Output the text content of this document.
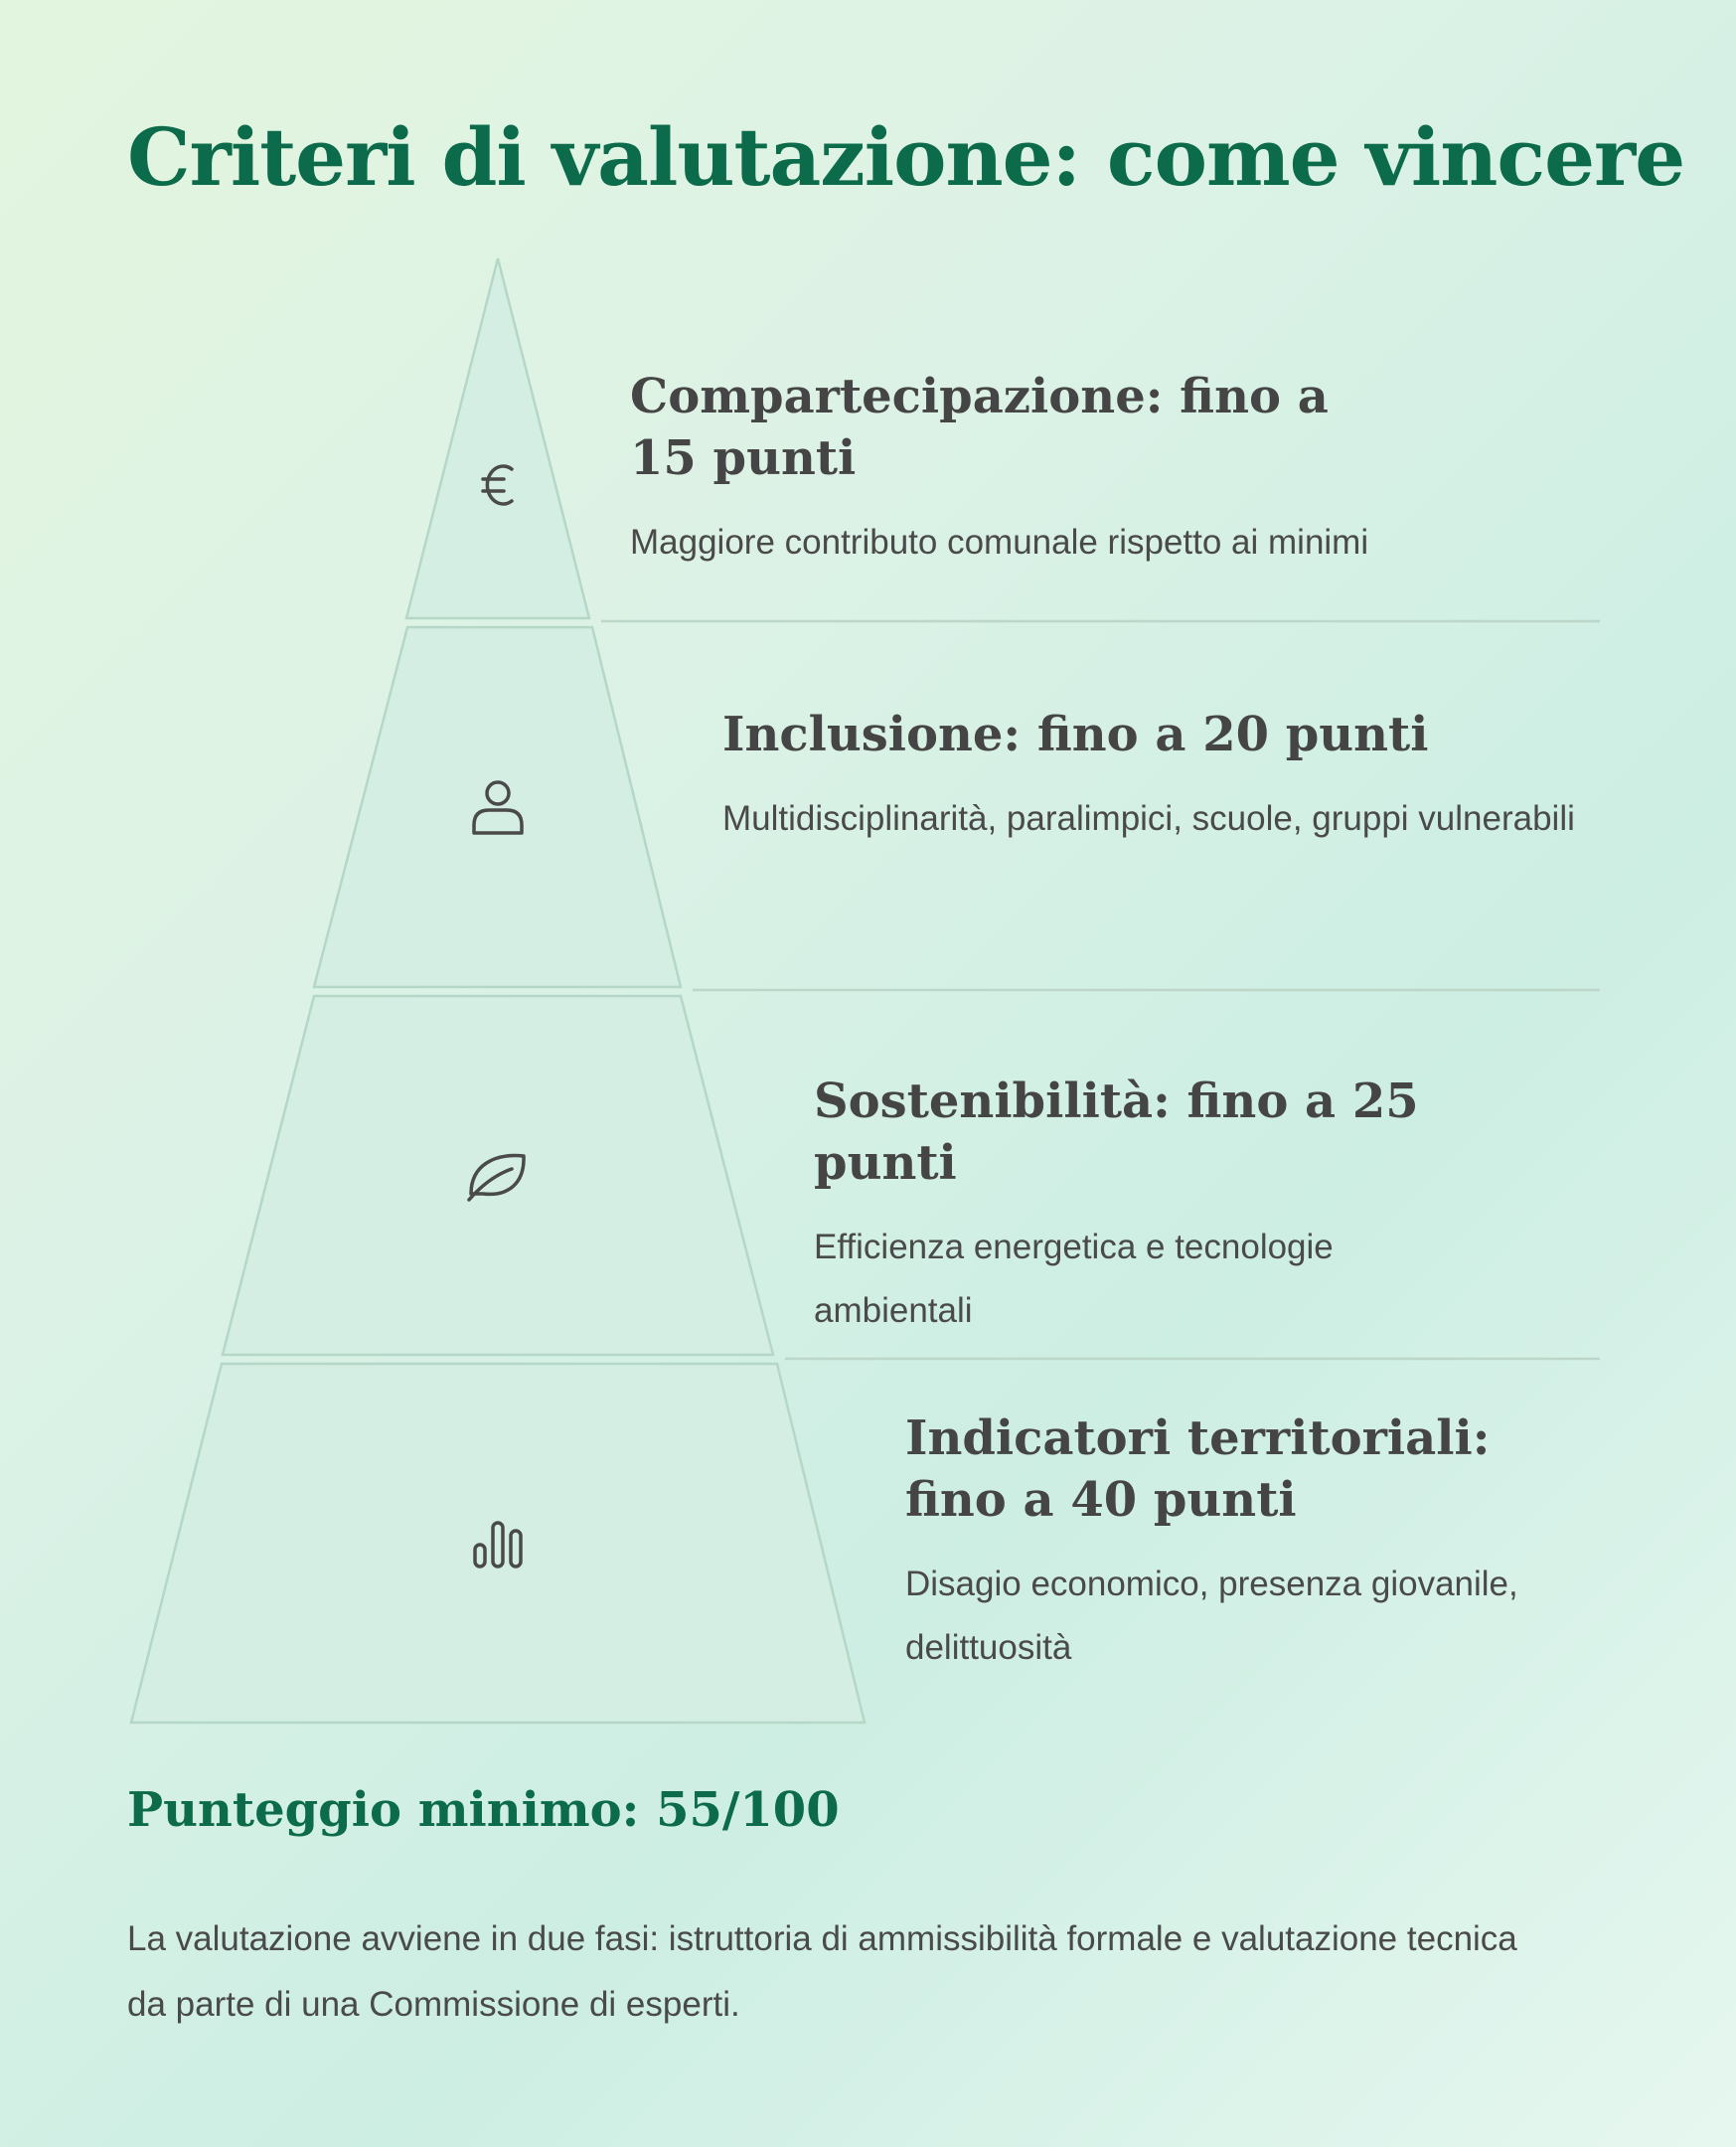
Criteri di valutazione: come vincere
Compartecipazione: fino a 15 punti

Maggiore contributo comunale rispetto ai minimi

Inclusione: fino a 20 punti

Multidisciplinarità, paralimpici, scuole, gruppi vulnerabili

Sostenibilità: fino a 25 punti

Efficienza energetica e tecnologie ambientali

Indicatori territoriali: fino a 40 punti

Disagio economico, presenza giovanile, delittuosità

Punteggio minimo: 55/100

La valutazione avviene in due fasi: istruttoria di ammissibilità formale e valutazione tecnica da parte di una Commissione di esperti.
